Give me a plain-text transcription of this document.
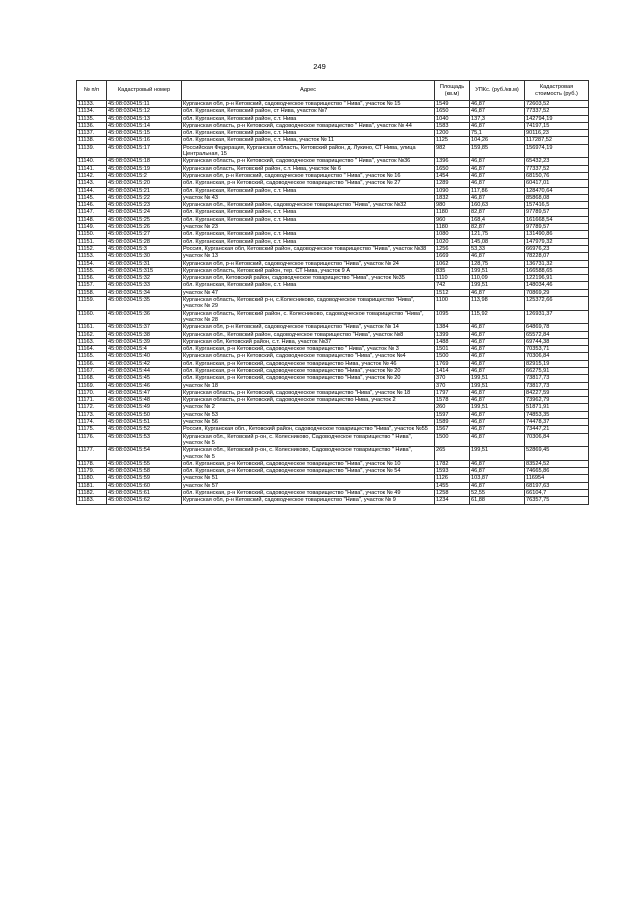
249
№ п/п	Кадастровый номер	Адрес	Площадь (кв.м)	УПКс. (руб./кв.м)	Кадастровая стоимость (руб.)
11133.	45:08:030415:11	Курганская обл, р-н Кетовский, садоводческое товарищество " Нива", участок № 15	1549	46,87	72603,52
11134.	45:08:030415:12	обл. Курганская, Кетовский район, ст Нива, участок №7	1650	46,87	77337,52
11135.	45:08:030415:13	обл. Курганская, Кетовский район, с.т. Нива	1040	137,3	142794,19
11136.	45:08:030415:14	Курганская область, р-н Кетовский, садоводческое товарищество " Нива", участок № 44	1583	46,87	74197,15
11137.	45:08:030415:15	обл. Курганская, Кетовский район, с.т. Нива	1200	75,1	90116,23
11138.	45:08:030415:16	обл. Курганская, Кетовский район, с.т. Нива, участок № 11	1125	104,26	117287,52
11139.	45:08:030415:17	Российская Федерация, Курганская область, Кетовский район, д. Лукино, СТ Нива, улица Центральная, 15	982	159,85	156974,19
11140.	45:08:030415:18	Курганская область, р-н Кетовский, садоводческое товарищество " Нива", участок №36	1396	46,87	65432,23
11141.	45:08:030415:19	Курганская область, Кетовский район, с.т. Нива, участок № 6	1650	46,87	77337,52
11142.	45:08:030415:2	Курганская обл, р-н Кетовский, садоводческое товарищество " Нива", участок № 16	1454	46,87	68150,76
11143.	45:08:030415:20	обл. Курганская, р-н Кетовский, садоводческое товарищество "Нива", участок № 27	1289	46,87	60417,01
11144.	45:08:030415:21	обл. Курганская, Кетовский район, с.т. Нива	1090	117,86	128470,64
11145.	45:08:030415:22	участок № 43	1832	46,87	85868,08
11146.	45:08:030415:23	Курганская обл., Кетовский район, садоводческое товарищество "Нива", участок №32	980	160,63	157416,5
11147.	45:08:030415:24	обл. Курганская, Кетовский район, с.т. Нива	1180	82,87	97789,57
11148.	45:08:030415:25	обл. Курганская, Кетовский район, с.т. Нива	960	168,4	161668,54
11149.	45:08:030415:26	участок № 23	1180	82,87	97789,57
11150.	45:08:030415:27	обл. Курганская, Кетовский район, с.т. Нива	1080	121,75	131490,86
11151.	45:08:030415:28	обл. Курганская, Кетовский район, с.т. Нива	1020	145,08	147979,32
11152.	45:08:030415:3	Россия, Курганская обл, Кетовский район, садоводческое товарищество "Нива", участок №38	1256	53,33	66976,23
11153.	45:08:030415:30	участок № 13	1669	46,87	78228,07
11154.	45:08:030415:31	Курганская обл, р-н Кетовский, садоводческое товарищество "Нива", участок № 24	1062	128,75	136731,32
11155.	45:08:030415:315	Курганская область, Кетовский район, тер. СТ Нива, участок 9 А	835	199,51	166588,65
11156.	45:08:030415:32	Курганская обл, Кетовский район, садоводческое товарищество "Нива", участок №35	1110	110,09	122196,91
11157.	45:08:030415:33	обл. Курганская, Кетовский район, с.т. Нива	742	199,51	148034,46
11158.	45:08:030415:34	участок № 47	1512	46,87	70869,29
11159.	45:08:030415:35	Курганская область, Кетовский р-н, с.Колесниково, садоводческое товарищество "Нива", участок № 29	1100	113,98	125372,66
11160.	45:08:030415:36	Курганская область, Кетовский район, с. Колесниково, садоводческое товарищество "Нива", участок № 28	1095	115,92	126931,37
11161.	45:08:030415:37	Курганская обл, р-н Кетовский, садоводческое товарищество "Нива", участок № 14	1384	46,87	64869,78
11162.	45:08:030415:38	Курганская обл., Кетовский район, садоводческое товарищество "Нива", участок №8	1399	46,87	65572,84
11163.	45:08:030415:39	Курганская обл, Кетовский район, с.т. Нива, участок №37	1488	46,87	69744,38
11164.	45:08:030415:4	обл. Курганская, р-н Кетовский, садоводческое товарищество " Нива", участок № 3	1501	46,87	70353,71
11165.	45:08:030415:40	Курганская область, р-н Кетовский, садоводческое товарищество "Нива", участок №4	1500	46,87	70306,84
11166.	45:08:030415:42	обл. Курганская, р-н Кетовский, садоводческое товарищество Нива, участок № 46	1769	46,87	82915,19
11167.	45:08:030415:44	обл. Курганская, р-н Кетовский, садоводческое товарищество "Нива", участок № 20	1414	46,87	66275,91
11168.	45:08:030415:45	обл. Курганская, р-н Кетовский, садоводческое товарищество "Нива", участок № 20	370	199,51	73817,73
11169.	45:08:030415:46	участок № 18	370	199,51	73817,73
11170.	45:08:030415:47	Курганская область, р-н Кетовский, садоводческое товарищество "Нива", участок № 18	1797	46,87	84227,59
11171.	45:08:030415:48	Курганская область, р-н Кетовский, садоводческое товарищество Нива, участок 2	1578	46,87	73962,79
11172.	45:08:030415:49	участок № 2	260	199,51	51871,91
11173.	45:08:030415:50	участок № 53	1597	46,87	74853,35
11174.	45:08:030415:51	участок № 56	1589	46,87	74478,37
11175.	45:08:030415:52	Россия, Курганская обл., Кетовский район, садоводческое товарищество "Нива", участок №55	1567	46,87	73447,21
11176.	45:08:030415:53	Курганская обл., Кетовский р-он, с. Колесниково, Садоводческое товарищество " Нива", участок № 5	1500	46,87	70306,84
11177.	45:08:030415:54	Курганская обл., Кетовский р-он, с. Колесниково, Садоводческое товарищество " Нива", участок № 5	265	199,51	52869,45
11178.	45:08:030415:55	обл. Курганская, р-н Кетовский, садоводческое товарищество "Нива", участок № 10	1782	46,87	83524,52
11179.	45:08:030415:58	обл. Курганская, р-н Кетовский, садоводческое товарищество "Нива", участок № 54	1593	46,87	74665,86
11180.	45:08:030415:59	участок № 51	1126	103,87	116954
11181.	45:08:030415:60	участок № 57	1455	46,87	68197,63
11182.	45:08:030415:61	обл. Курганская, р-н Кетовский, садоводческое товарищество "Нива", участок № 49	1258	52,55	66104,7
11183.	45:08:030415:62	Курганская обл, р-н Кетовский, садоводческое товарищество "Нива", участок № 9	1234	61,88	76357,75
